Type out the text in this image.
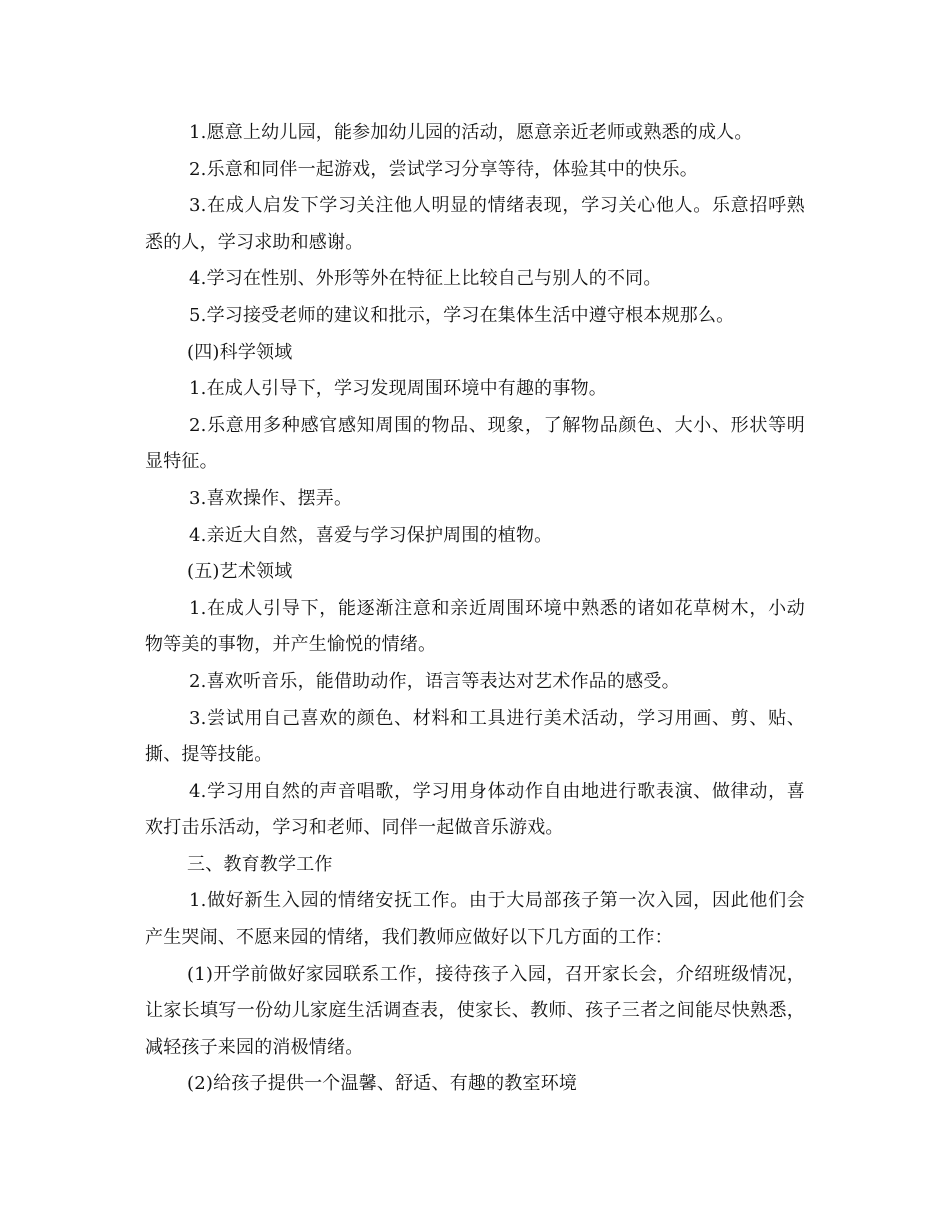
1.愿意上幼儿园，能参加幼儿园的活动，愿意亲近老师或熟悉的成人。

2.乐意和同伴一起游戏，尝试学习分享等待，体验其中的快乐。

3.在成人启发下学习关注他人明显的情绪表现，学习关心他人。乐意招呼熟悉的人，学习求助和感谢。

4.学习在性别、外形等外在特征上比较自己与别人的不同。

5.学习接受老师的建议和批示，学习在集体生活中遵守根本规那么。

(四)科学领域

1.在成人引导下，学习发现周围环境中有趣的事物。

2.乐意用多种感官感知周围的物品、现象，了解物品颜色、大小、形状等明显特征。

3.喜欢操作、摆弄。

4.亲近大自然，喜爱与学习保护周围的植物。

(五)艺术领域

1.在成人引导下，能逐渐注意和亲近周围环境中熟悉的诸如花草树木，小动物等美的事物，并产生愉悦的情绪。

2.喜欢听音乐，能借助动作，语言等表达对艺术作品的感受。

3.尝试用自己喜欢的颜色、材料和工具进行美术活动，学习用画、剪、贴、撕、提等技能。

4.学习用自然的声音唱歌，学习用身体动作自由地进行歌表演、做律动，喜欢打击乐活动，学习和老师、同伴一起做音乐游戏。

三、教育教学工作

1.做好新生入园的情绪安抚工作。由于大局部孩子第一次入园，因此他们会产生哭闹、不愿来园的情绪，我们教师应做好以下几方面的工作：

(1)开学前做好家园联系工作，接待孩子入园，召开家长会，介绍班级情况，让家长填写一份幼儿家庭生活调查表，使家长、教师、孩子三者之间能尽快熟悉，减轻孩子来园的消极情绪。

(2)给孩子提供一个温馨、舒适、有趣的教室环境
